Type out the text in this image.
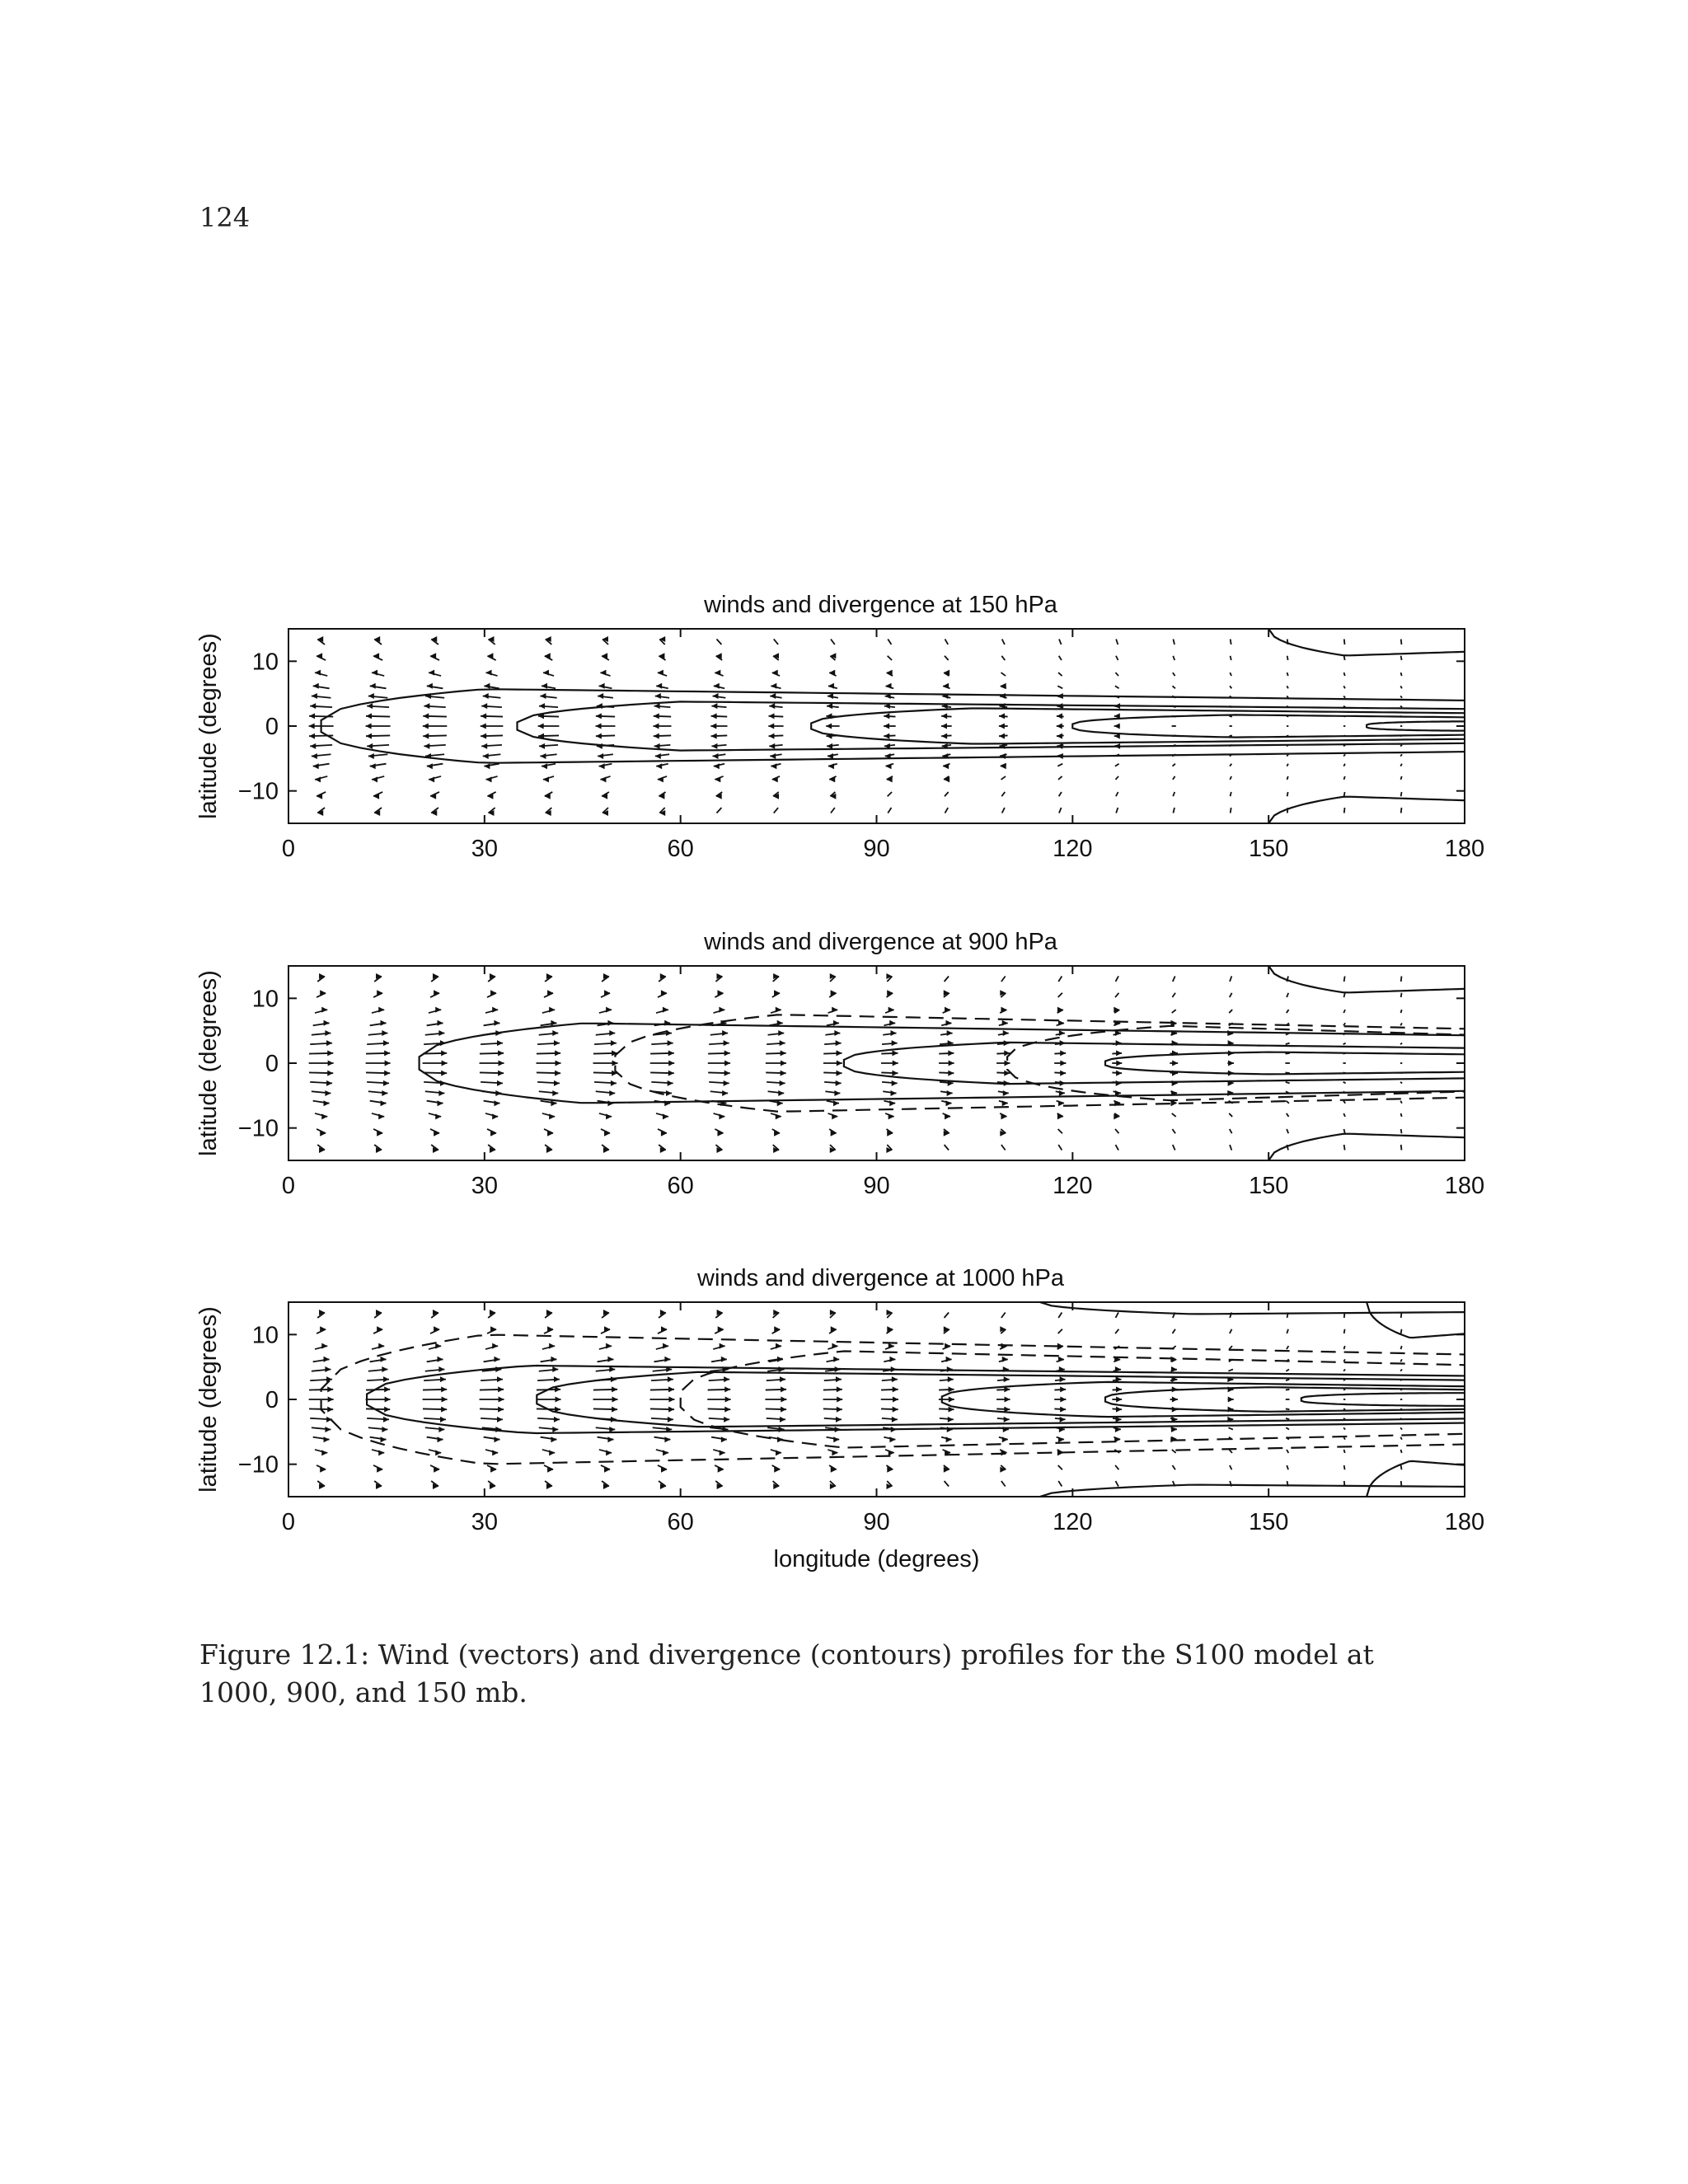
124
0	30	60	90	120	150	180
10
0
−10
winds and divergence at 150 hPa
latitude (degrees)
0	30	60	90	120	150	180
10
0
−10
winds and divergence at 900 hPa
latitude (degrees)
0	30	60	90	120	150	180
10
0
−10
winds and divergence at 1000 hPa
latitude (degrees)
longitude (degrees)
Figure 12.1: Wind (vectors) and divergence (contours) profiles for the S100 model at 1000, 900, and 150 mb.
